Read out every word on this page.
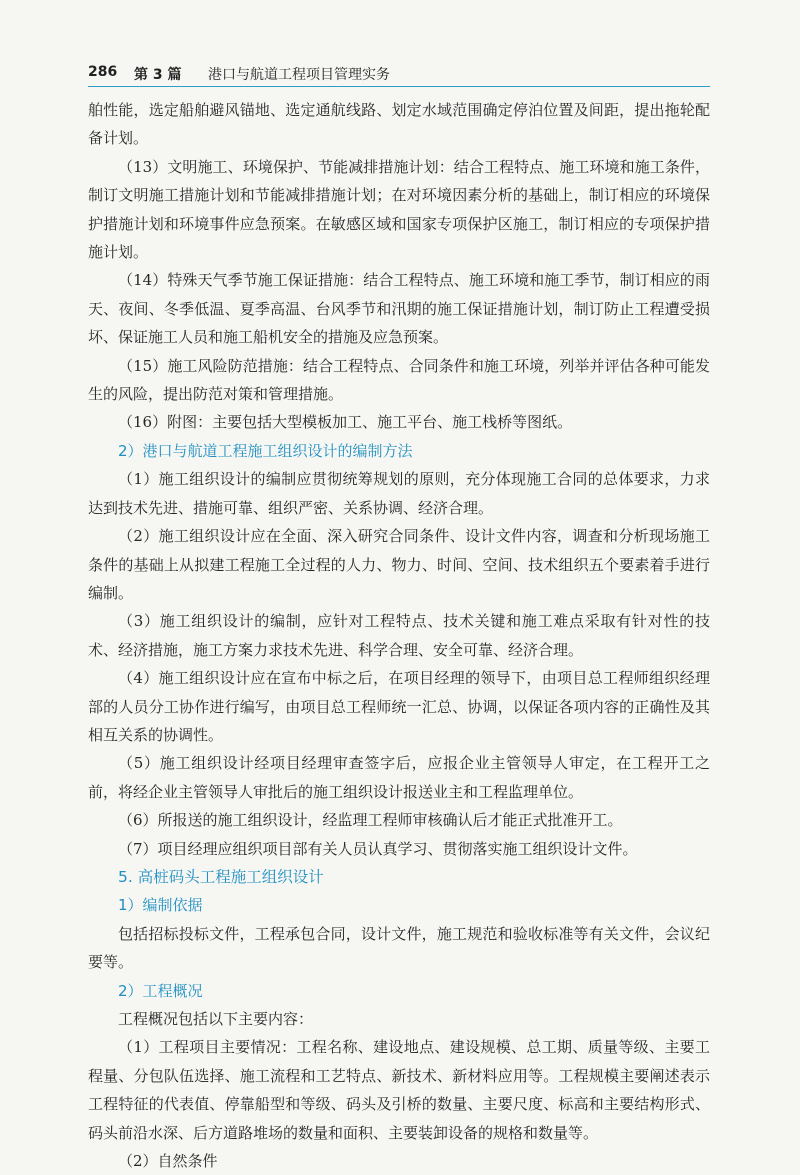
286 第 3 篇 港口与航道工程项目管理实务

舶性能，选定船舶避风锚地、选定通航线路、划定水域范围确定停泊位置及间距，提出拖轮配备计划。

（13）文明施工、环境保护、节能减排措施计划：结合工程特点、施工环境和施工条件，制订文明施工措施计划和节能减排措施计划；在对环境因素分析的基础上，制订相应的环境保护措施计划和环境事件应急预案。在敏感区域和国家专项保护区施工，制订相应的专项保护措施计划。

（14）特殊天气季节施工保证措施：结合工程特点、施工环境和施工季节，制订相应的雨天、夜间、冬季低温、夏季高温、台风季节和汛期的施工保证措施计划，制订防止工程遭受损坏、保证施工人员和施工船机安全的措施及应急预案。

（15）施工风险防范措施：结合工程特点、合同条件和施工环境，列举并评估各种可能发生的风险，提出防范对策和管理措施。

（16）附图：主要包括大型模板加工、施工平台、施工栈桥等图纸。

2）港口与航道工程施工组织设计的编制方法

（1）施工组织设计的编制应贯彻统筹规划的原则，充分体现施工合同的总体要求，力求达到技术先进、措施可靠、组织严密、关系协调、经济合理。

（2）施工组织设计应在全面、深入研究合同条件、设计文件内容，调查和分析现场施工条件的基础上从拟建工程施工全过程的人力、物力、时间、空间、技术组织五个要素着手进行编制。

（3）施工组织设计的编制，应针对工程特点、技术关键和施工难点采取有针对性的技术、经济措施，施工方案力求技术先进、科学合理、安全可靠、经济合理。

（4）施工组织设计应在宣布中标之后，在项目经理的领导下，由项目总工程师组织经理部的人员分工协作进行编写，由项目总工程师统一汇总、协调，以保证各项内容的正确性及其相互关系的协调性。

（5）施工组织设计经项目经理审查签字后，应报企业主管领导人审定，在工程开工之前，将经企业主管领导人审批后的施工组织设计报送业主和工程监理单位。

（6）所报送的施工组织设计，经监理工程师审核确认后才能正式批准开工。

（7）项目经理应组织项目部有关人员认真学习、贯彻落实施工组织设计文件。

5. 高桩码头工程施工组织设计

1）编制依据

包括招标投标文件，工程承包合同，设计文件，施工规范和验收标准等有关文件，会议纪要等。

2）工程概况

工程概况包括以下主要内容：

（1）工程项目主要情况：工程名称、建设地点、建设规模、总工期、质量等级、主要工程量、分包队伍选择、施工流程和工艺特点、新技术、新材料应用等。工程规模主要阐述表示工程特征的代表值、停靠船型和等级、码头及引桥的数量、主要尺度、标高和主要结构形式、码头前沿水深、后方道路堆场的数量和面积、主要装卸设备的规格和数量等。

（2）自然条件
